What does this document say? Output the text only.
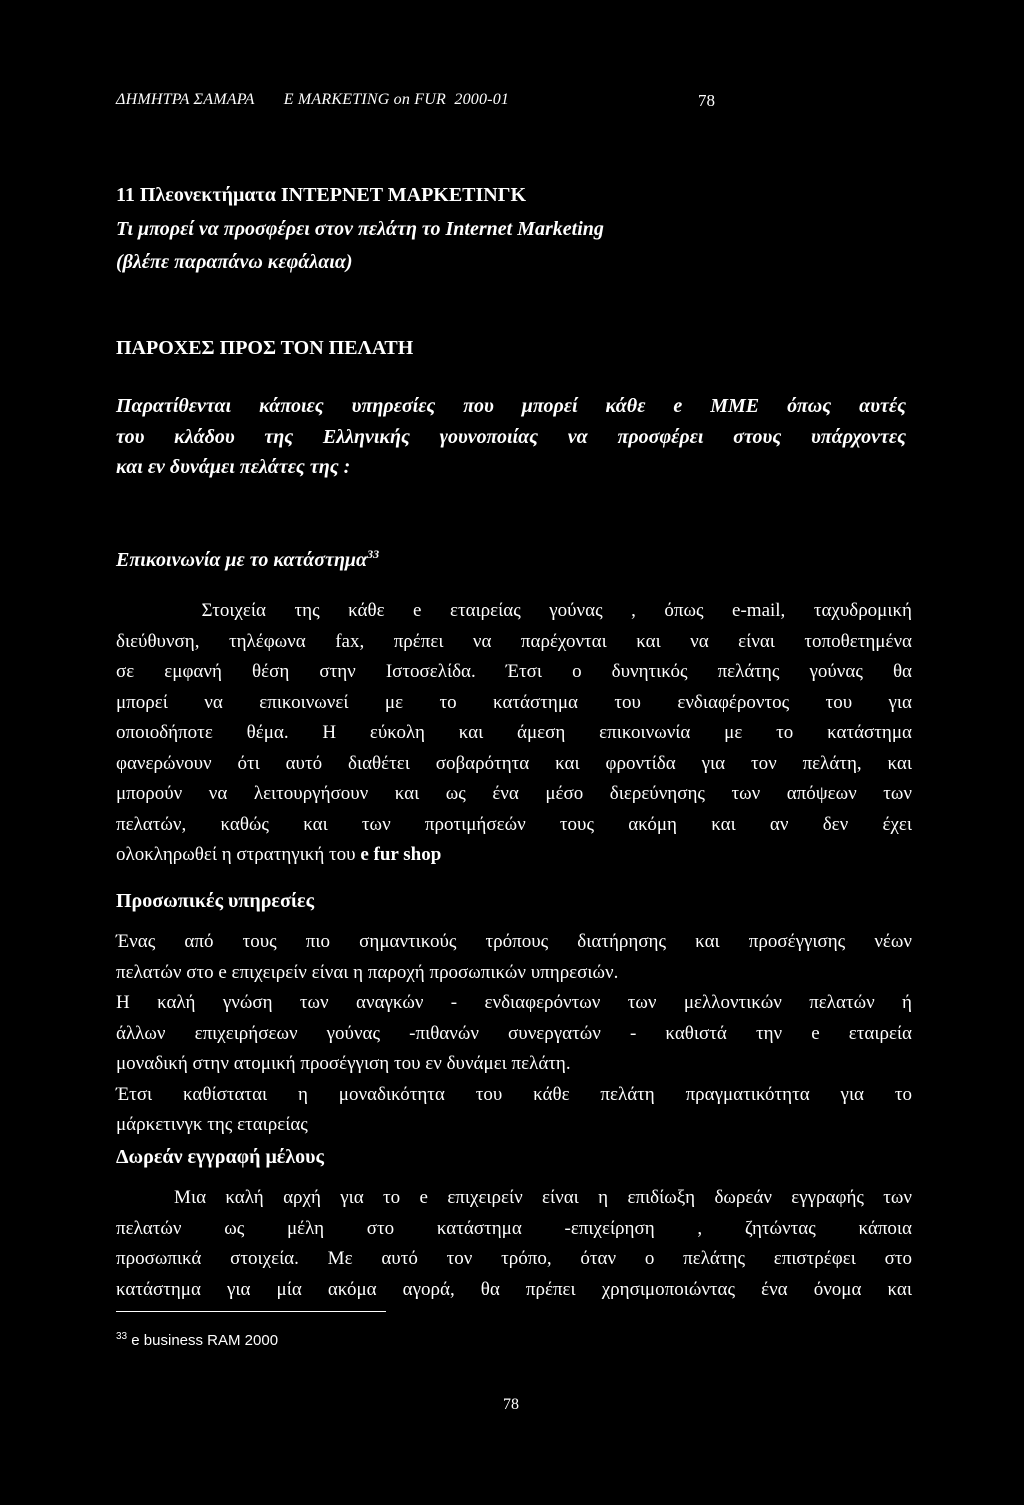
ΔΗΜΗΤΡΑ ΣΑΜΑΡΑ       E MARKETING on FUR  2000-01	78
11 Πλεονεκτήματα ΙΝΤΕΡΝΕΤ ΜΑΡΚΕΤΙΝΓΚ
Τι μπορεί να προσφέρει στον πελάτη το Internet Marketing
(βλέπε παραπάνω κεφάλαια)
ΠΑΡΟΧΕΣ ΠΡΟΣ ΤΟΝ ΠΕΛΑΤΗ
Παρατίθενται κάποιες υπηρεσίες που μπορεί κάθε e ΜΜΕ όπως αυτές
του κλάδου της Ελληνικής γουνοποιίας να προσφέρει στους υπάρχοντες
και εν δυνάμει πελάτες της :
Επικοινωνία με το κατάστημα$^{33}$
Στοιχεία της κάθε e εταιρείας γούνας , όπως e-mail, ταχυδρομική
διεύθυνση, τηλέφωνα fax, πρέπει να παρέχονται και να είναι τοποθετημένα
σε εμφανή θέση στην Ιστοσελίδα. Έτσι ο δυνητικός πελάτης γούνας θα
μπορεί να επικοινωνεί με το κατάστημα του ενδιαφέροντος του για
οποιοδήποτε θέμα. Η εύκολη και άμεση επικοινωνία με το κατάστημα
φανερώνουν ότι αυτό διαθέτει σοβαρότητα και φροντίδα για τον πελάτη, και
μπορούν να λειτουργήσουν και ως ένα μέσο διερεύνησης των απόψεων των
πελατών, καθώς και των προτιμήσεών τους ακόμη και αν δεν έχει
ολοκληρωθεί η στρατηγική του e fur shop
Προσωπικές υπηρεσίες
Ένας από τους πιο σημαντικούς τρόπους διατήρησης και προσέγγισης νέων
πελατών στο e επιχειρείν είναι η παροχή προσωπικών υπηρεσιών.
Η καλή γνώση των αναγκών - ενδιαφερόντων των μελλοντικών πελατών ή
άλλων επιχειρήσεων γούνας -πιθανών συνεργατών - καθιστά την e εταιρεία
μοναδική στην ατομική προσέγγιση του εν δυνάμει πελάτη.
Έτσι καθίσταται η μοναδικότητα του κάθε πελάτη πραγματικότητα για το
μάρκετινγκ της εταιρείας
Δωρεάν εγγραφή μέλους
Μια καλή αρχή για το e επιχειρείν είναι η επιδίωξη δωρεάν εγγραφής των
πελατών ως μέλη στο κατάστημα -επιχείρηση , ζητώντας κάποια
προσωπικά στοιχεία. Με αυτό τον τρόπο, όταν ο πελάτης επιστρέφει στο
κατάστημα για μία ακόμα αγορά, θα πρέπει χρησιμοποιώντας ένα όνομα και
$^{33}$ e business RAM 2000
78
